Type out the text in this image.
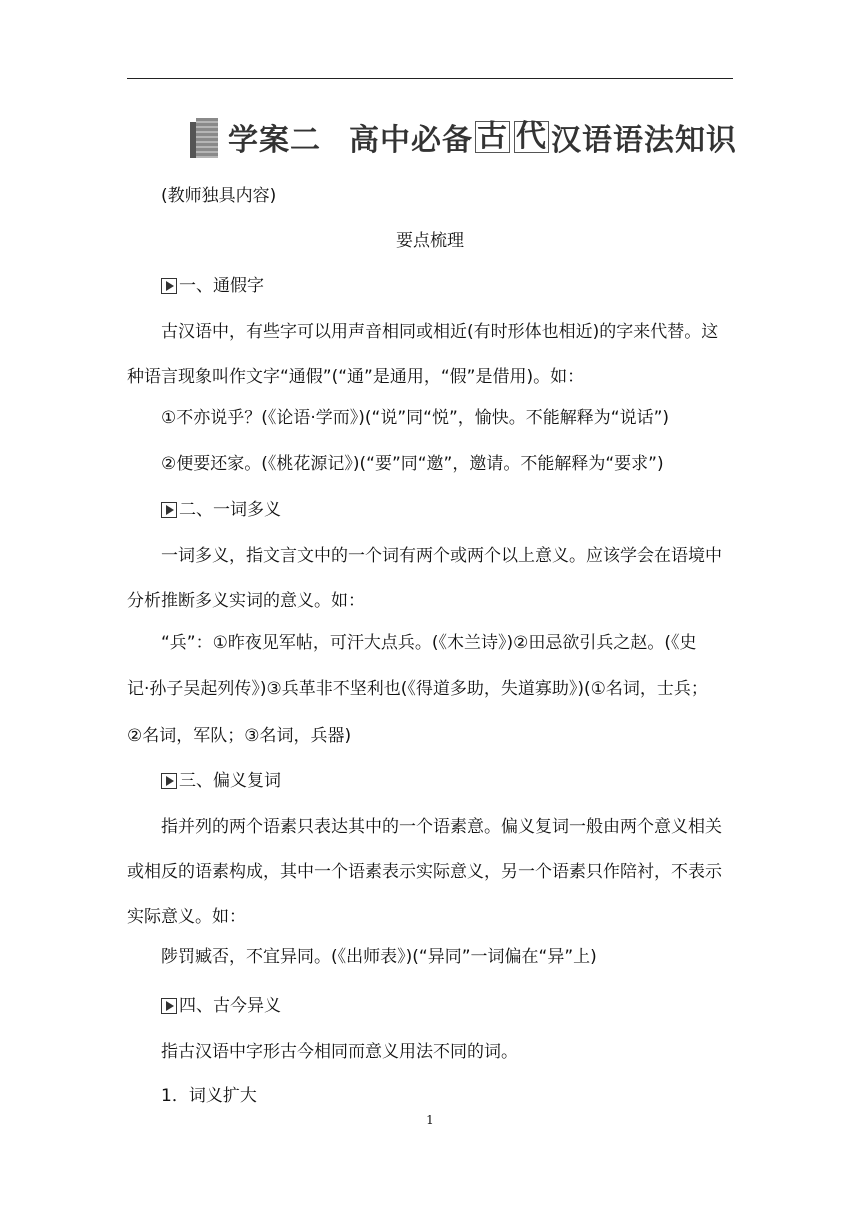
学案二 高中必备 古 代 汉语语法知识
(教师独具内容)
要点梳理
一、通假字
古汉语中，有些字可以用声音相同或相近(有时形体也相近)的字来代替。这
种语言现象叫作文字“通假”(“通”是通用，“假”是借用)。如：
①不亦说乎？(《论语·学而》)(“说”同“悦”，愉快。不能解释为“说话”)
②便要还家。(《桃花源记》)(“要”同“邀”，邀请。不能解释为“要求”)
二、一词多义
一词多义，指文言文中的一个词有两个或两个以上意义。应该学会在语境中
分析推断多义实词的意义。如：
“兵”：①昨夜见军帖，可汗大点兵。(《木兰诗》)②田忌欲引兵之赵。(《史
记·孙子吴起列传》)③兵革非不坚利也(《得道多助，失道寡助》)(①名词，士兵；
②名词，军队；③名词，兵器)
三、偏义复词
指并列的两个语素只表达其中的一个语素意。偏义复词一般由两个意义相关
或相反的语素构成，其中一个语素表示实际意义，另一个语素只作陪衬，不表示
实际意义。如：
陟罚臧否，不宜异同。(《出师表》)(“异同”一词偏在“异”上)
四、古今异义
指古汉语中字形古今相同而意义用法不同的词。
1．词义扩大
1
